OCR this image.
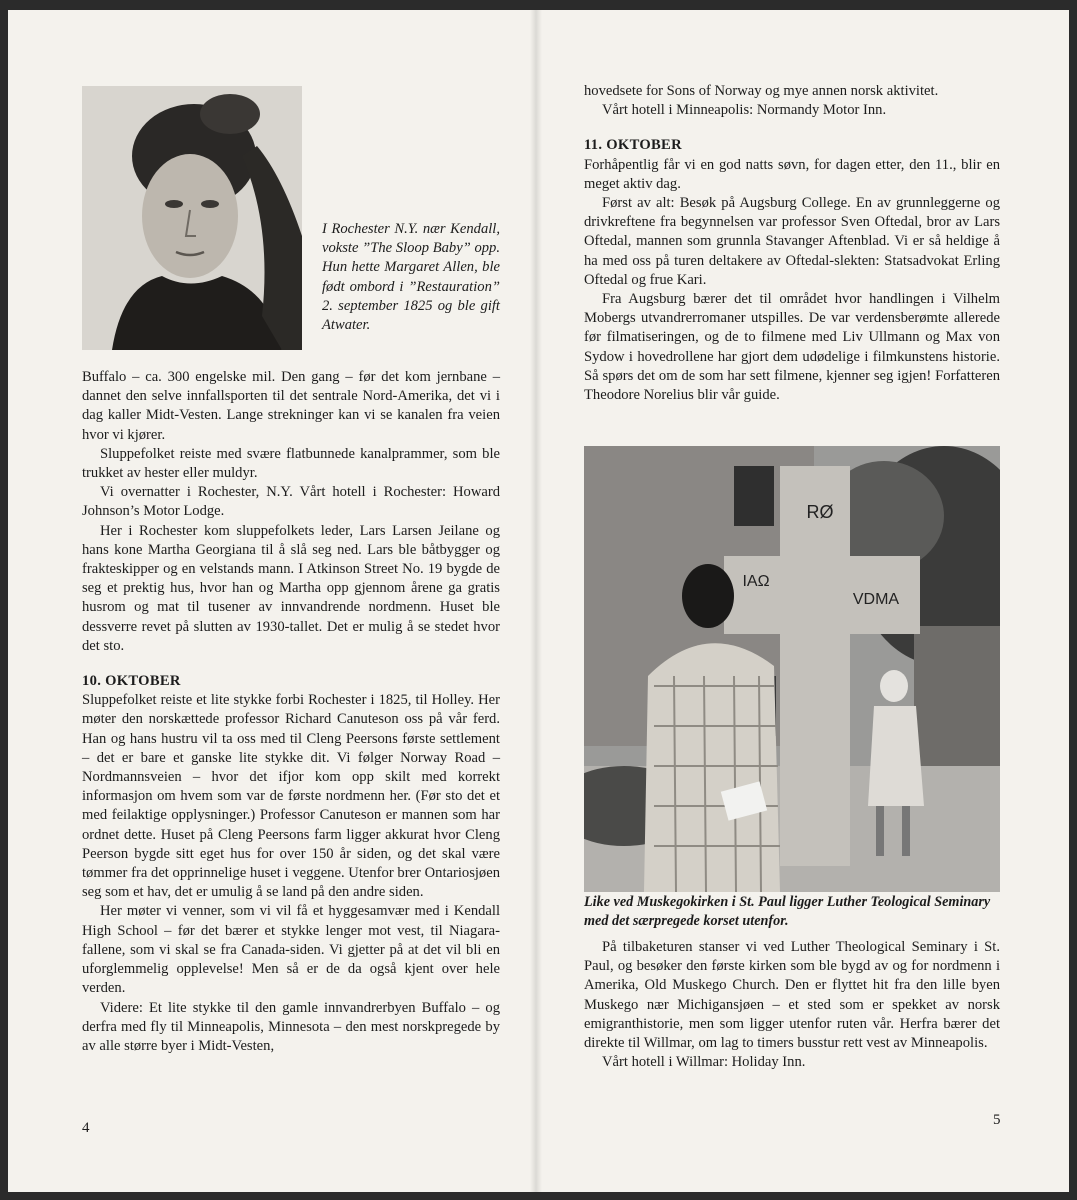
I Rochester N.Y. nær Kendall, vokste ”The Sloop Baby” opp. Hun hette Margaret Allen, ble født ombord i ”Restauration” 2. september 1825 og ble gift Atwater.

Buffalo – ca. 300 engelske mil. Den gang – før det kom jernbane – dannet den selve innfallsporten til det sentrale Nord-Amerika, det vi i dag kaller Midt-Vesten. Lange strekninger kan vi se kanalen fra veien hvor vi kjører.

Sluppefolket reiste med svære flatbunnede kanalprammer, som ble trukket av hester eller muldyr.

Vi overnatter i Rochester, N.Y. Vårt hotell i Rochester: Howard Johnson’s Motor Lodge.

Her i Rochester kom sluppefolkets leder, Lars Larsen Jeilane og hans kone Martha Georgiana til å slå seg ned. Lars ble båtbygger og frakteskipper og en velstands mann. I Atkinson Street No. 19 bygde de seg et prektig hus, hvor han og Martha opp gjennom årene ga gratis husrom og mat til tusener av innvandrende nordmenn. Huset ble dessverre revet på slutten av 1930-tallet. Det er mulig å se stedet hvor det sto.

10. OKTOBER

Sluppefolket reiste et lite stykke forbi Rochester i 1825, til Holley. Her møter den norskættede professor Richard Canuteson oss på vår ferd. Han og hans hustru vil ta oss med til Cleng Peersons første settlement – det er bare et ganske lite stykke dit. Vi følger Norway Road – Nordmannsveien – hvor det ifjor kom opp skilt med korrekt informasjon om hvem som var de første nordmenn her. (Før sto det et med feilaktige opplysninger.) Professor Canuteson er mannen som har ordnet dette. Huset på Cleng Peersons farm ligger akkurat hvor Cleng Peerson bygde sitt eget hus for over 150 år siden, og det skal være tømmer fra det opprinnelige huset i veggene. Utenfor brer Ontariosjøen seg som et hav, det er umulig å se land på den andre siden.

Her møter vi venner, som vi vil få et hyggesamvær med i Kendall High School – før det bærer et stykke lenger mot vest, til Niagara-fallene, som vi skal se fra Canada-siden. Vi gjetter på at det vil bli en uforglemmelig opplevelse! Men så er de da også kjent over hele verden.

Videre: Et lite stykke til den gamle innvandrerbyen Buffalo – og derfra med fly til Minneapolis, Minnesota – den mest norskpregede by av alle større byer i Midt-Vesten,

4

hovedsete for Sons of Norway og mye annen norsk aktivitet.

Vårt hotell i Minneapolis: Normandy Motor Inn.

11. OKTOBER

Forhåpentlig får vi en god natts søvn, for dagen etter, den 11., blir en meget aktiv dag.

Først av alt: Besøk på Augsburg College. En av grunnleggerne og drivkreftene fra begynnelsen var professor Sven Oftedal, bror av Lars Oftedal, mannen som grunnla Stavanger Aftenblad. Vi er så heldige å ha med oss på turen deltakere av Oftedal-slekten: Statsadvokat Erling Oftedal og frue Kari.

Fra Augsburg bærer det til området hvor handlingen i Vilhelm Mobergs utvandrerromaner utspilles. De var verdensberømte allerede før filmatiseringen, og de to filmene med Liv Ullmann og Max von Sydow i hovedrollene har gjort dem udødelige i filmkunstens historie. Så spørs det om de som har sett filmene, kjenner seg igjen! Forfatteren Theodore Norelius blir vår guide.

RØ
IAΩ
VDMA
Like ved Muskegokirken i St. Paul ligger Luther Teological Seminary med det særpregede korset utenfor.

På tilbaketuren stanser vi ved Luther Theological Seminary i St. Paul, og besøker den første kirken som ble bygd av og for nordmenn i Amerika, Old Muskego Church. Den er flyttet hit fra den lille byen Muskego nær Michigansjøen – et sted som er spekket av norsk emigranthistorie, men som ligger utenfor ruten vår. Herfra bærer det direkte til Willmar, om lag to timers busstur rett vest av Minneapolis.

Vårt hotell i Willmar: Holiday Inn.

5
